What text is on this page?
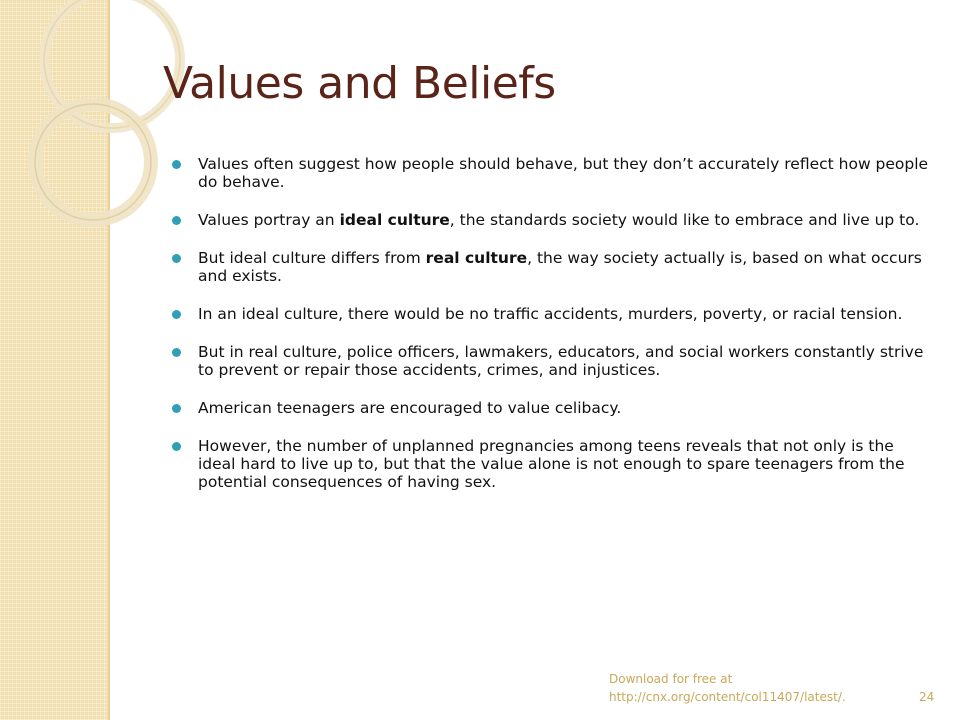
Values and Beliefs
Values often suggest how people should behave, but they don’t accurately reflect how people do behave.
Values portray an ideal culture, the standards society would like to embrace and live up to.
But ideal culture differs from real culture, the way society actually is, based on what occurs and exists.
In an ideal culture, there would be no traffic accidents, murders, poverty, or racial tension.
But in real culture, police officers, lawmakers, educators, and social workers constantly strive to prevent or repair those accidents, crimes, and injustices.
American teenagers are encouraged to value celibacy.
However, the number of unplanned pregnancies among teens reveals that not only is the ideal hard to live up to, but that the value alone is not enough to spare teenagers from the potential consequences of having sex.
Download for free at
http://cnx.org/content/col11407/latest/.	24
